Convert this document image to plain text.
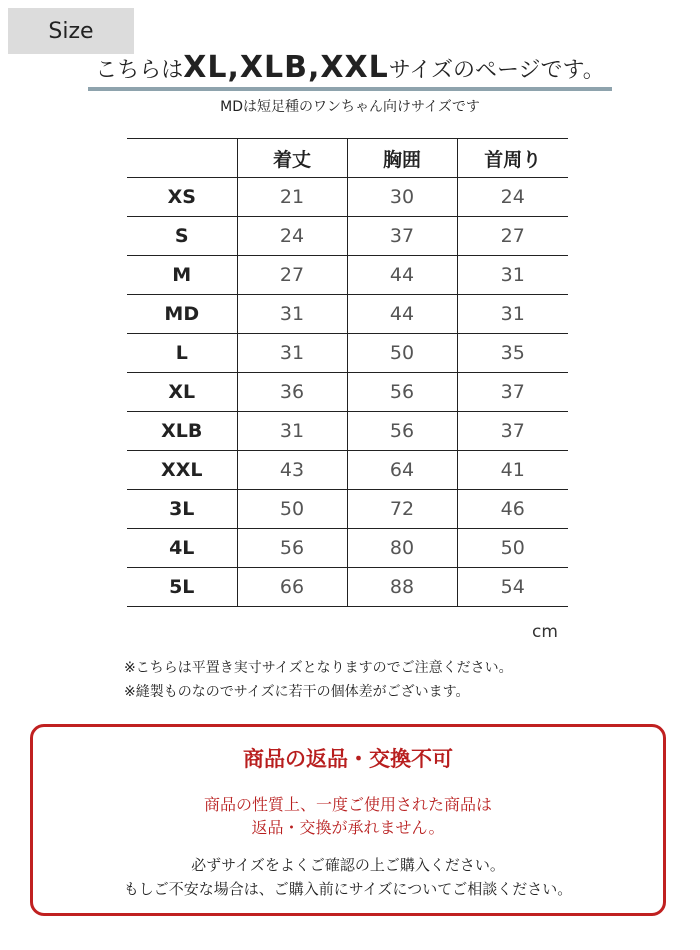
Size
こちらはXL,XLB,XXLサイズのページです。
MDは短足種のワンちゃん向けサイズです
	着丈	胸囲	首周り
XS	21	30	24
S	24	37	27
M	27	44	31
MD	31	44	31
L	31	50	35
XL	36	56	37
XLB	31	56	37
XXL	43	64	41
3L	50	72	46
4L	56	80	50
5L	66	88	54
cm
※こちらは平置き実寸サイズとなりますのでご注意ください。
※縫製ものなのでサイズに若干の個体差がございます。
商品の返品・交換不可
商品の性質上、一度ご使用された商品は
返品・交換が承れません。
必ずサイズをよくご確認の上ご購入ください。
もしご不安な場合は、ご購入前にサイズについてご相談ください。
